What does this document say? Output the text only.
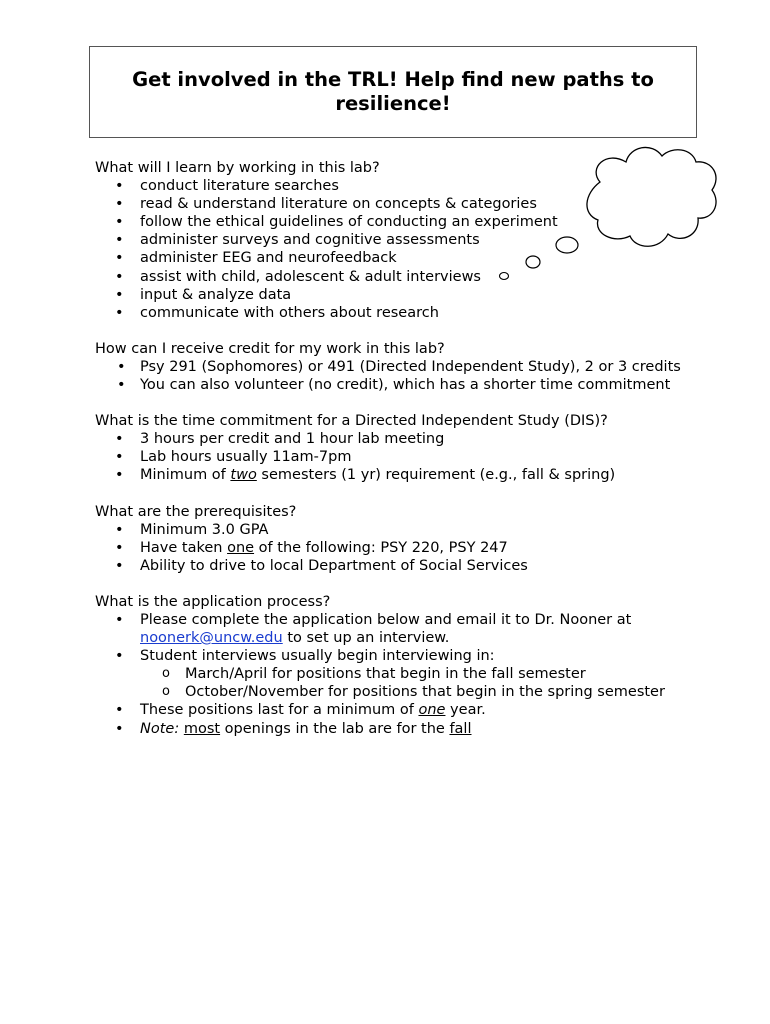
Get involved in the TRL! Help find new paths to resilience!

What will I learn by working in this lab?

• conduct literature searches
• read & understand literature on concepts & categories
• follow the ethical guidelines of conducting an experiment
• administer surveys and cognitive assessments
• administer EEG and neurofeedback
• assist with child, adolescent & adult interviews
• input & analyze data
• communicate with others about research

How can I receive credit for my work in this lab?

• Psy 291 (Sophomores) or 491 (Directed Independent Study), 2 or 3 credits
• You can also volunteer (no credit), which has a shorter time commitment

What is the time commitment for a Directed Independent Study (DIS)?

• 3 hours per credit and 1 hour lab meeting
• Lab hours usually 11am-7pm
• Minimum of two semesters (1 yr) requirement (e.g., fall & spring)

What are the prerequisites?

• Minimum 3.0 GPA
• Have taken one of the following: PSY 220, PSY 247
• Ability to drive to local Department of Social Services

What is the application process?

• Please complete the application below and email it to Dr. Nooner at noonerk@uncw.edu to set up an interview.
• Student interviews usually begin interviewing in:
o March/April for positions that begin in the fall semester
o October/November for positions that begin in the spring semester
• These positions last for a minimum of one year.
• Note: most openings in the lab are for the fall
